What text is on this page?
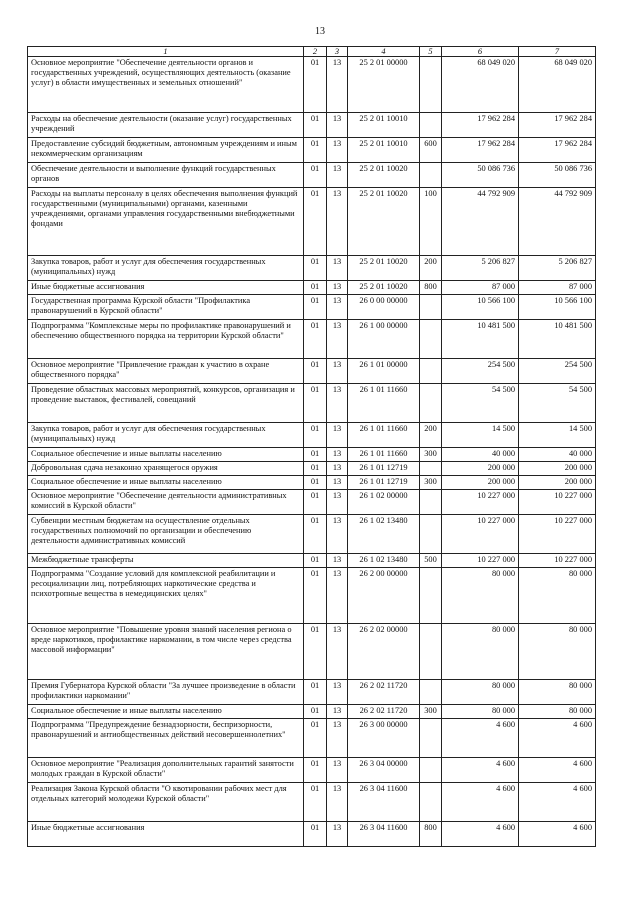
13
1	2	3	4	5	6	7
Основное мероприятие "Обеспечение деятельности органов и государственных учреждений, осуществляющих деятельность (оказание услуг) в области имущественных и земельных отношений"	01	13	25 2 01 00000		68 049 020	68 049 020
Расходы на обеспечение деятельности (оказание услуг) государственных учреждений	01	13	25 2 01 10010		17 962 284	17 962 284
Предоставление субсидий бюджетным, автономным учреждениям и иным некоммерческим организациям	01	13	25 2 01 10010	600	17 962 284	17 962 284
Обеспечение деятельности и выполнение функций государственных органов	01	13	25 2 01 10020		50 086 736	50 086 736
Расходы на выплаты персоналу в целях обеспечения выполнения функций государственными (муниципальными) органами, казенными учреждениями, органами управления государственными внебюджетными фондами	01	13	25 2 01 10020	100	44 792 909	44 792 909
Закупка товаров, работ и услуг для обеспечения государственных (муниципальных) нужд	01	13	25 2 01 10020	200	5 206 827	5 206 827
Иные бюджетные ассигнования	01	13	25 2 01 10020	800	87 000	87 000
Государственная программа Курской области "Профилактика правонарушений в Курской области"	01	13	26 0 00 00000		10 566 100	10 566 100
Подпрограмма "Комплексные меры по профилактике правонарушений и обеспечению общественного порядка на территории Курской области"	01	13	26 1 00 00000		10 481 500	10 481 500
Основное мероприятие "Привлечение граждан к участию в охране общественного порядка"	01	13	26 1 01 00000		254 500	254 500
Проведение областных массовых мероприятий, конкурсов, организация и проведение выставок, фестивалей, совещаний	01	13	26 1 01 11660		54 500	54 500
Закупка товаров, работ и услуг для обеспечения государственных (муниципальных) нужд	01	13	26 1 01 11660	200	14 500	14 500
Социальное обеспечение и иные выплаты населению	01	13	26 1 01 11660	300	40 000	40 000
Добровольная сдача незаконно хранящегося оружия	01	13	26 1 01 12719		200 000	200 000
Социальное обеспечение и иные выплаты населению	01	13	26 1 01 12719	300	200 000	200 000
Основное мероприятие "Обеспечение деятельности административных комиссий в Курской области"	01	13	26 1 02 00000		10 227 000	10 227 000
Субвенции местным бюджетам на осуществление отдельных государственных полномочий по организации и обеспечению деятельности административных комиссий	01	13	26 1 02 13480		10 227 000	10 227 000
Межбюджетные трансферты	01	13	26 1 02 13480	500	10 227 000	10 227 000
Подпрограмма "Создание условий для комплексной реабилитации и ресоциализации лиц, потребляющих наркотические средства и психотропные вещества в немедицинских целях"	01	13	26 2 00 00000		80 000	80 000
Основное мероприятие "Повышение уровня знаний населения региона о вреде наркотиков, профилактике наркомании, в том числе через средства массовой информации"	01	13	26 2 02 00000		80 000	80 000
Премия Губернатора Курской области "За лучшее произведение в области профилактики наркомании"	01	13	26 2 02 11720		80 000	80 000
Социальное обеспечение и иные выплаты населению	01	13	26 2 02 11720	300	80 000	80 000
Подпрограмма "Предупреждение безнадзорности, беспризорности, правонарушений и антиобщественных действий несовершеннолетних"	01	13	26 3 00 00000		4 600	4 600
Основное мероприятие "Реализация дополнительных гарантий занятости молодых граждан в Курской области"	01	13	26 3 04 00000		4 600	4 600
Реализация Закона Курской области "О квотировании рабочих мест для отдельных категорий молодежи Курской области"	01	13	26 3 04 11600		4 600	4 600
Иные бюджетные ассигнования	01	13	26 3 04 11600	800	4 600	4 600
